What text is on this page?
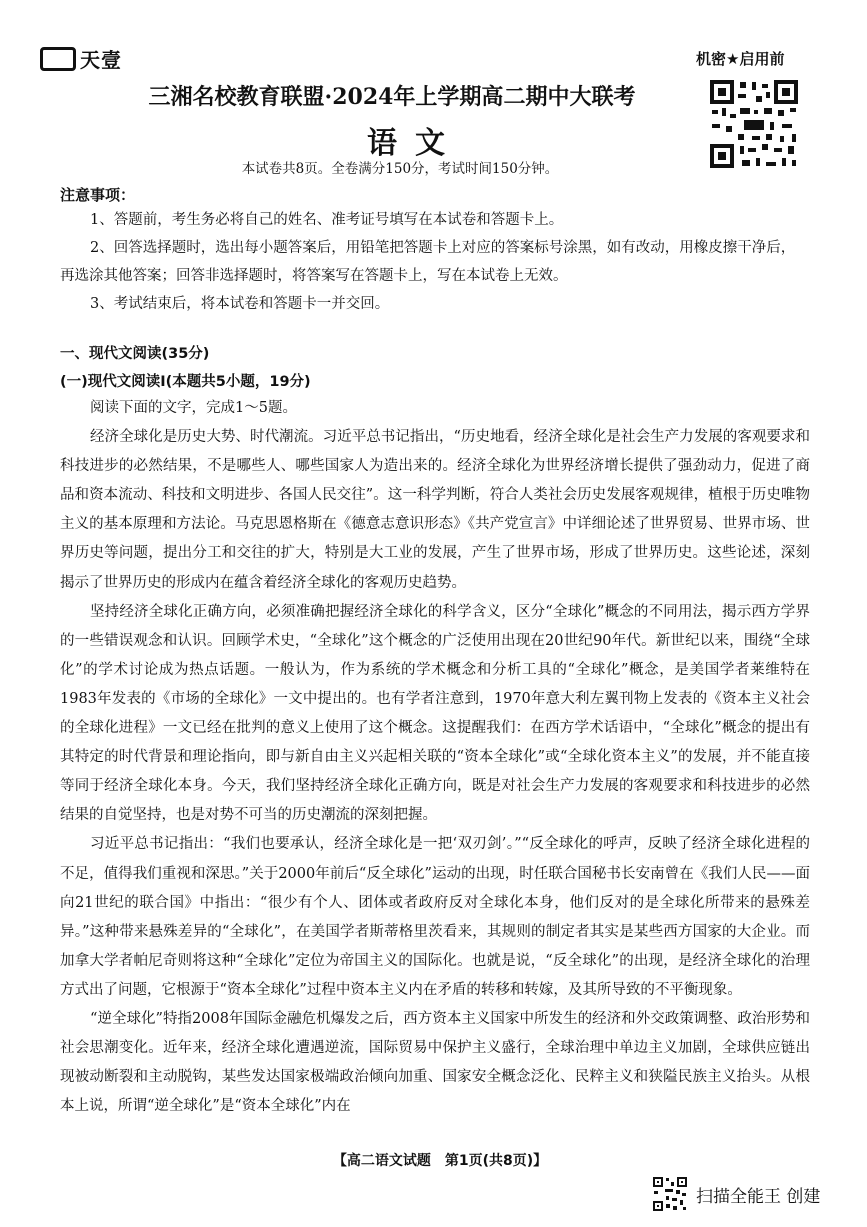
天壹	机密★启用前
三湘名校教育联盟·2024年上学期高二期中大联考
语文
本试卷共8页。全卷满分150分，考试时间150分钟。
注意事项：

1、答题前，考生务必将自己的姓名、准考证号填写在本试卷和答题卡上。

2、回答选择题时，选出每小题答案后，用铅笔把答题卡上对应的答案标号涂黑，如有改动，用橡皮擦干净后，再选涂其他答案；回答非选择题时，将答案写在答题卡上，写在本试卷上无效。

3、考试结束后，将本试卷和答题卡一并交回。

一、现代文阅读(35分)
(一)现代文阅读Ⅰ(本题共5小题，19分)

阅读下面的文字，完成1～5题。

经济全球化是历史大势、时代潮流。习近平总书记指出，“历史地看，经济全球化是社会生产力发展的客观要求和科技进步的必然结果，不是哪些人、哪些国家人为造出来的。经济全球化为世界经济增长提供了强劲动力，促进了商品和资本流动、科技和文明进步、各国人民交往”。这一科学判断，符合人类社会历史发展客观规律，植根于历史唯物主义的基本原理和方法论。马克思恩格斯在《德意志意识形态》《共产党宣言》中详细论述了世界贸易、世界市场、世界历史等问题，提出分工和交往的扩大，特别是大工业的发展，产生了世界市场，形成了世界历史。这些论述，深刻揭示了世界历史的形成内在蕴含着经济全球化的客观历史趋势。

坚持经济全球化正确方向，必须准确把握经济全球化的科学含义，区分“全球化”概念的不同用法，揭示西方学界的一些错误观念和认识。回顾学术史，“全球化”这个概念的广泛使用出现在20世纪90年代。新世纪以来，围绕“全球化”的学术讨论成为热点话题。一般认为，作为系统的学术概念和分析工具的“全球化”概念，是美国学者莱维特在1983年发表的《市场的全球化》一文中提出的。也有学者注意到，1970年意大利左翼刊物上发表的《资本主义社会的全球化进程》一文已经在批判的意义上使用了这个概念。这提醒我们：在西方学术话语中，“全球化”概念的提出有其特定的时代背景和理论指向，即与新自由主义兴起相关联的“资本全球化”或“全球化资本主义”的发展，并不能直接等同于经济全球化本身。今天，我们坚持经济全球化正确方向，既是对社会生产力发展的客观要求和科技进步的必然结果的自觉坚持，也是对势不可当的历史潮流的深刻把握。

习近平总书记指出：“我们也要承认，经济全球化是一把‘双刃剑’。”“反全球化的呼声，反映了经济全球化进程的不足，值得我们重视和深思。”关于2000年前后“反全球化”运动的出现，时任联合国秘书长安南曾在《我们人民——面向21世纪的联合国》中指出：“很少有个人、团体或者政府反对全球化本身，他们反对的是全球化所带来的悬殊差异。”这种带来悬殊差异的“全球化”，在美国学者斯蒂格里茨看来，其规则的制定者其实是某些西方国家的大企业。而加拿大学者帕尼奇则将这种“全球化”定位为帝国主义的国际化。也就是说，“反全球化”的出现，是经济全球化的治理方式出了问题，它根源于“资本全球化”过程中资本主义内在矛盾的转移和转嫁，及其所导致的不平衡现象。

“逆全球化”特指2008年国际金融危机爆发之后，西方资本主义国家中所发生的经济和外交政策调整、政治形势和社会思潮变化。近年来，经济全球化遭遇逆流，国际贸易中保护主义盛行，全球治理中单边主义加剧，全球供应链出现被动断裂和主动脱钩，某些发达国家极端政治倾向加重、国家安全概念泛化、民粹主义和狭隘民族主义抬头。从根本上说，所谓“逆全球化”是“资本全球化”内在

【高二语文试题　第1页(共8页)】
扫描全能王 创建
